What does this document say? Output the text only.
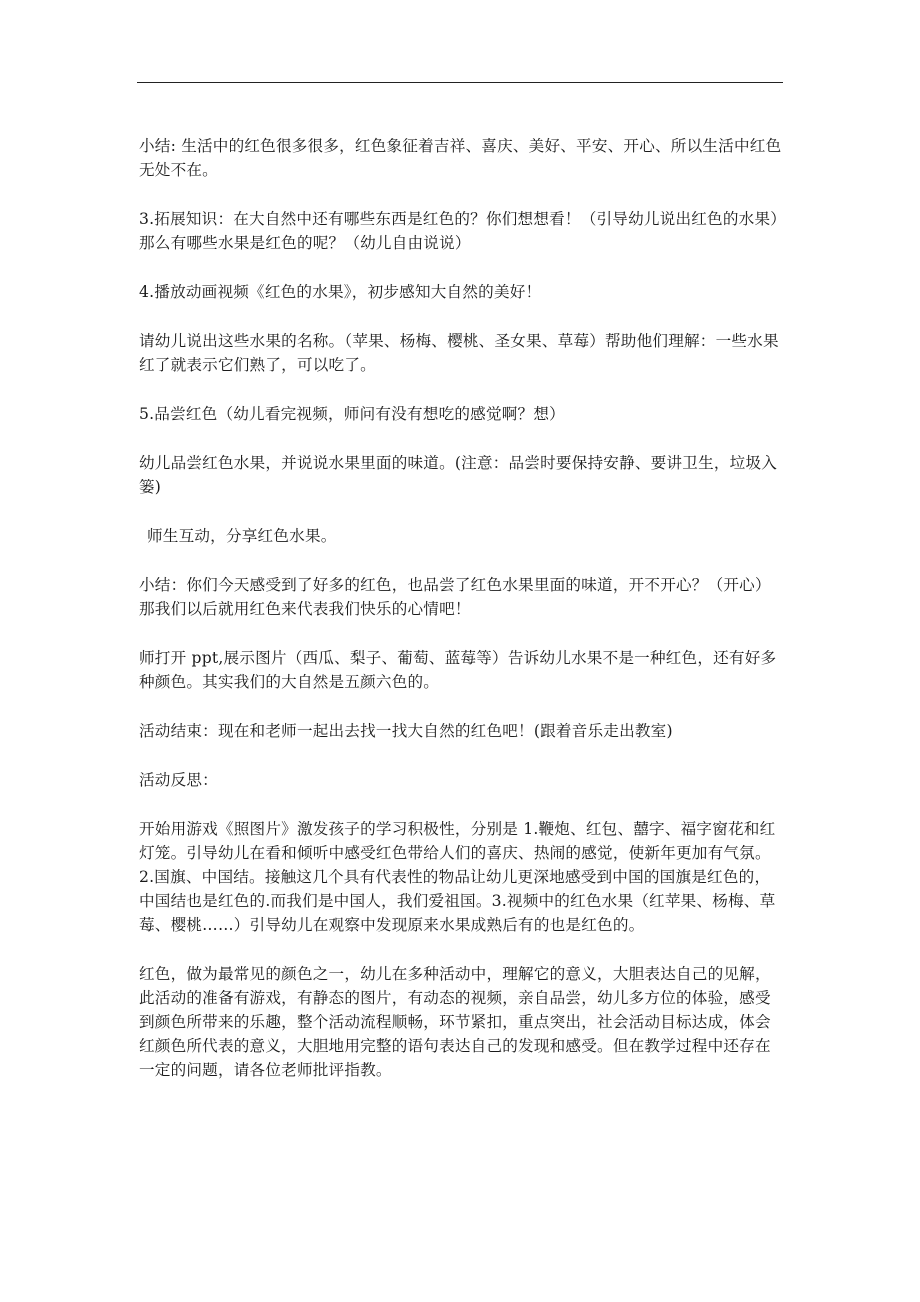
小结: 生活中的红色很多很多，红色象征着吉祥、喜庆、美好、平安、开心、所以生活中红色无处不在。

3.拓展知识：在大自然中还有哪些东西是红色的？你们想想看！（引导幼儿说出红色的水果）那么有哪些水果是红色的呢？（幼儿自由说说）

4.播放动画视频《红色的水果》，初步感知大自然的美好！

请幼儿说出这些水果的名称。（苹果、杨梅、樱桃、圣女果、草莓）帮助他们理解：一些水果红了就表示它们熟了，可以吃了。

5.品尝红色（幼儿看完视频，师问有没有想吃的感觉啊？想）

幼儿品尝红色水果，并说说水果里面的味道。(注意：品尝时要保持安静、要讲卫生，垃圾入篓)

师生互动，分享红色水果。

小结：你们今天感受到了好多的红色，也品尝了红色水果里面的味道，开不开心？（开心）那我们以后就用红色来代表我们快乐的心情吧！

师打开 ppt,展示图片（西瓜、梨子、葡萄、蓝莓等）告诉幼儿水果不是一种红色，还有好多种颜色。其实我们的大自然是五颜六色的。

活动结束：现在和老师一起出去找一找大自然的红色吧！(跟着音乐走出教室)

活动反思：

开始用游戏《照图片》激发孩子的学习积极性，分别是 1.鞭炮、红包、囍字、福字窗花和红灯笼。引导幼儿在看和倾听中感受红色带给人们的喜庆、热闹的感觉，使新年更加有气氛。2.国旗、中国结。接触这几个具有代表性的物品让幼儿更深地感受到中国的国旗是红色的，中国结也是红色的.而我们是中国人，我们爱祖国。3.视频中的红色水果（红苹果、杨梅、草莓、樱桃……）引导幼儿在观察中发现原来水果成熟后有的也是红色的。

红色，做为最常见的颜色之一，幼儿在多种活动中，理解它的意义，大胆表达自己的见解，此活动的准备有游戏，有静态的图片，有动态的视频，亲自品尝，幼儿多方位的体验，感受到颜色所带来的乐趣，整个活动流程顺畅，环节紧扣，重点突出，社会活动目标达成，体会红颜色所代表的意义，大胆地用完整的语句表达自己的发现和感受。但在教学过程中还存在一定的问题，请各位老师批评指教。
